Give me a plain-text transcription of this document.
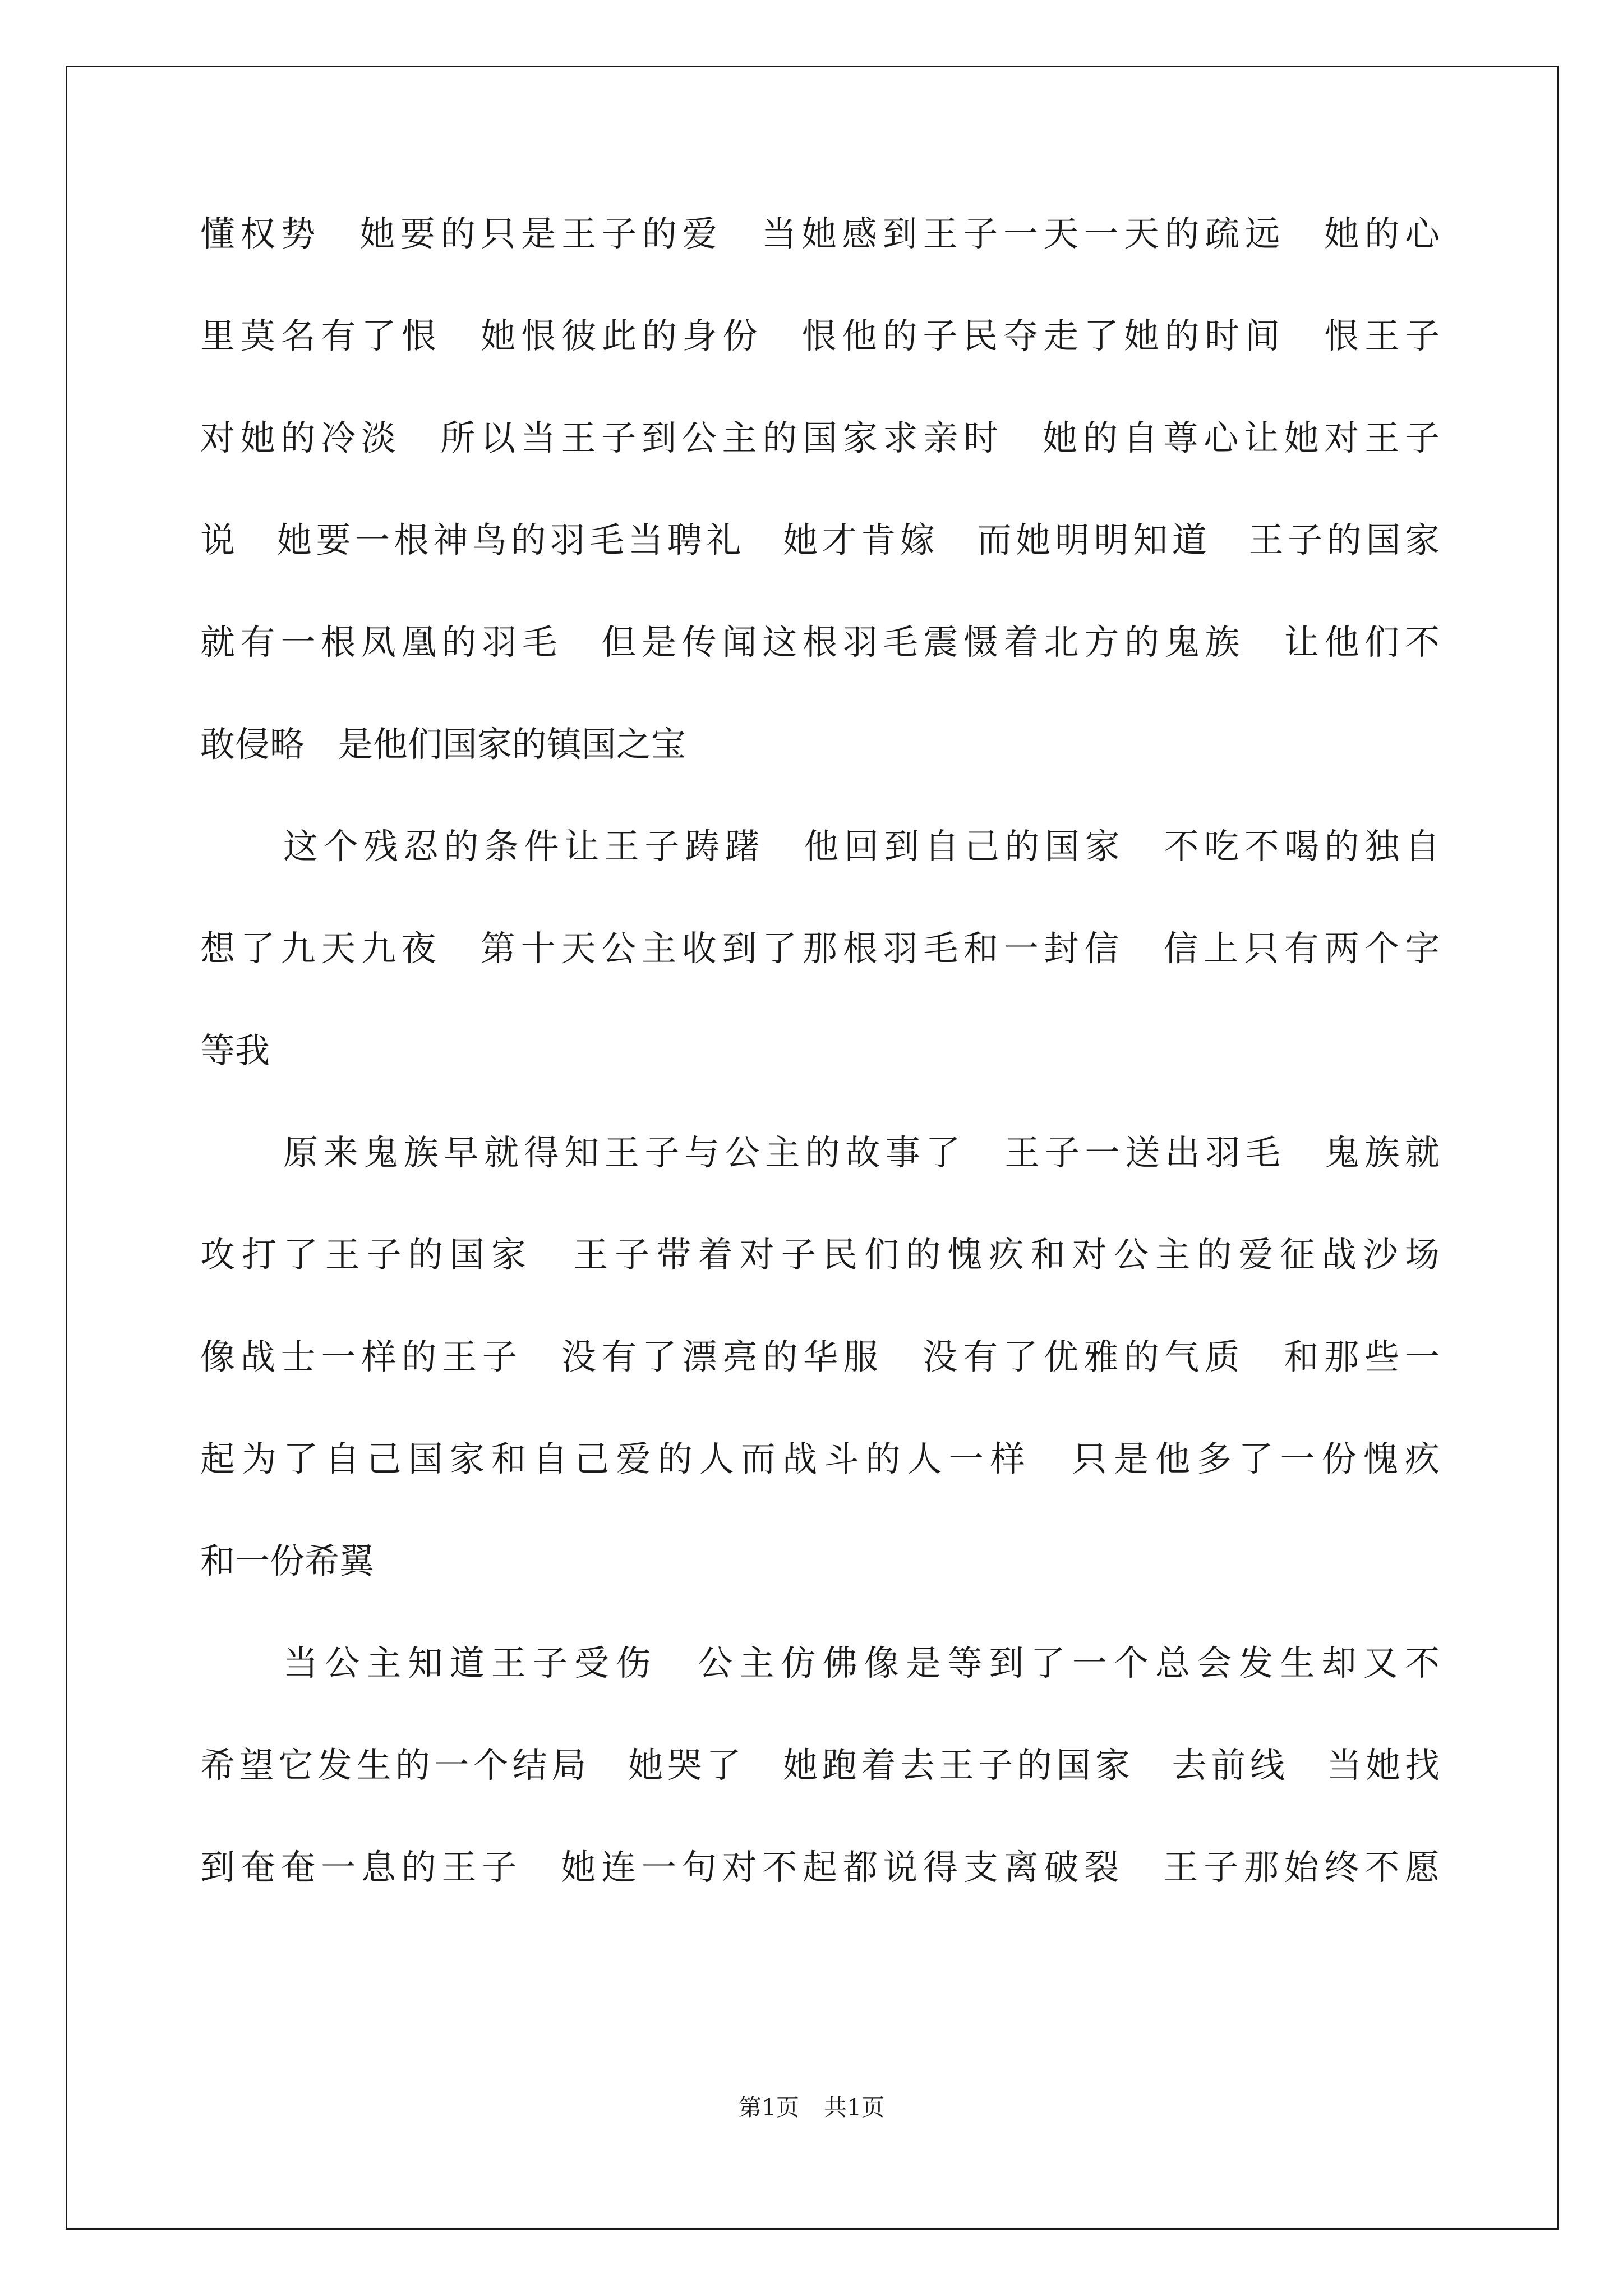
懂权势 她要的只是王子的爱 当她感到王子一天一天的疏远 她的心
里莫名有了恨 她恨彼此的身份 恨他的子民夺走了她的时间 恨王子
对她的冷淡 所以当王子到公主的国家求亲时 她的自尊心让她对王子
说 她要一根神鸟的羽毛当聘礼 她才肯嫁 而她明明知道 王子的国家
就有一根凤凰的羽毛 但是传闻这根羽毛震慑着北方的鬼族 让他们不
敢侵略 是他们国家的镇国之宝
这个残忍的条件让王子踌躇 他回到自己的国家 不吃不喝的独自
想了九天九夜 第十天公主收到了那根羽毛和一封信 信上只有两个字
等我
原来鬼族早就得知王子与公主的故事了 王子一送出羽毛 鬼族就
攻打了王子的国家 王子带着对子民们的愧疚和对公主的爱征战沙场
像战士一样的王子 没有了漂亮的华服 没有了优雅的气质 和那些一
起为了自己国家和自己爱的人而战斗的人一样 只是他多了一份愧疚
和一份希翼
当公主知道王子受伤 公主仿佛像是等到了一个总会发生却又不
希望它发生的一个结局 她哭了 她跑着去王子的国家 去前线 当她找
到奄奄一息的王子 她连一句对不起都说得支离破裂 王子那始终不愿
第1页 共1页
